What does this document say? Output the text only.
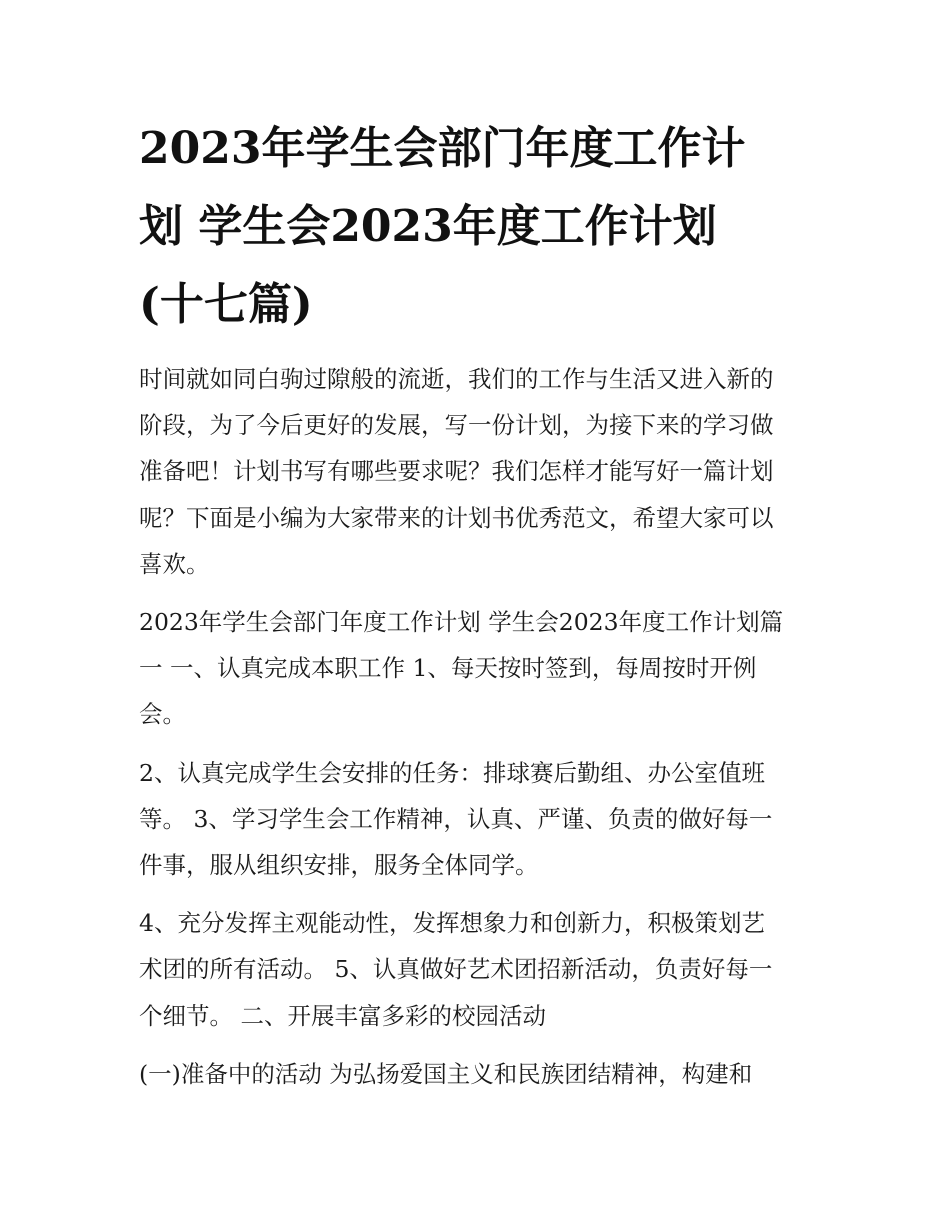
2023年学生会部门年度工作计
划 学生会2023年度工作计划
(十七篇)

时间就如同白驹过隙般的流逝，我们的工作与生活又进入新的
阶段，为了今后更好的发展，写一份计划，为接下来的学习做
准备吧！计划书写有哪些要求呢？我们怎样才能写好一篇计划
呢？下面是小编为大家带来的计划书优秀范文，希望大家可以
喜欢。

2023年学生会部门年度工作计划 学生会2023年度工作计划篇
一 一、认真完成本职工作 1、每天按时签到，每周按时开例
会。

2、认真完成学生会安排的任务：排球赛后勤组、办公室值班
等。 3、学习学生会工作精神，认真、严谨、负责的做好每一
件事，服从组织安排，服务全体同学。

4、充分发挥主观能动性，发挥想象力和创新力，积极策划艺
术团的所有活动。 5、认真做好艺术团招新活动，负责好每一
个细节。 二、开展丰富多彩的校园活动

(一)准备中的活动 为弘扬爱国主义和民族团结精神，构建和
